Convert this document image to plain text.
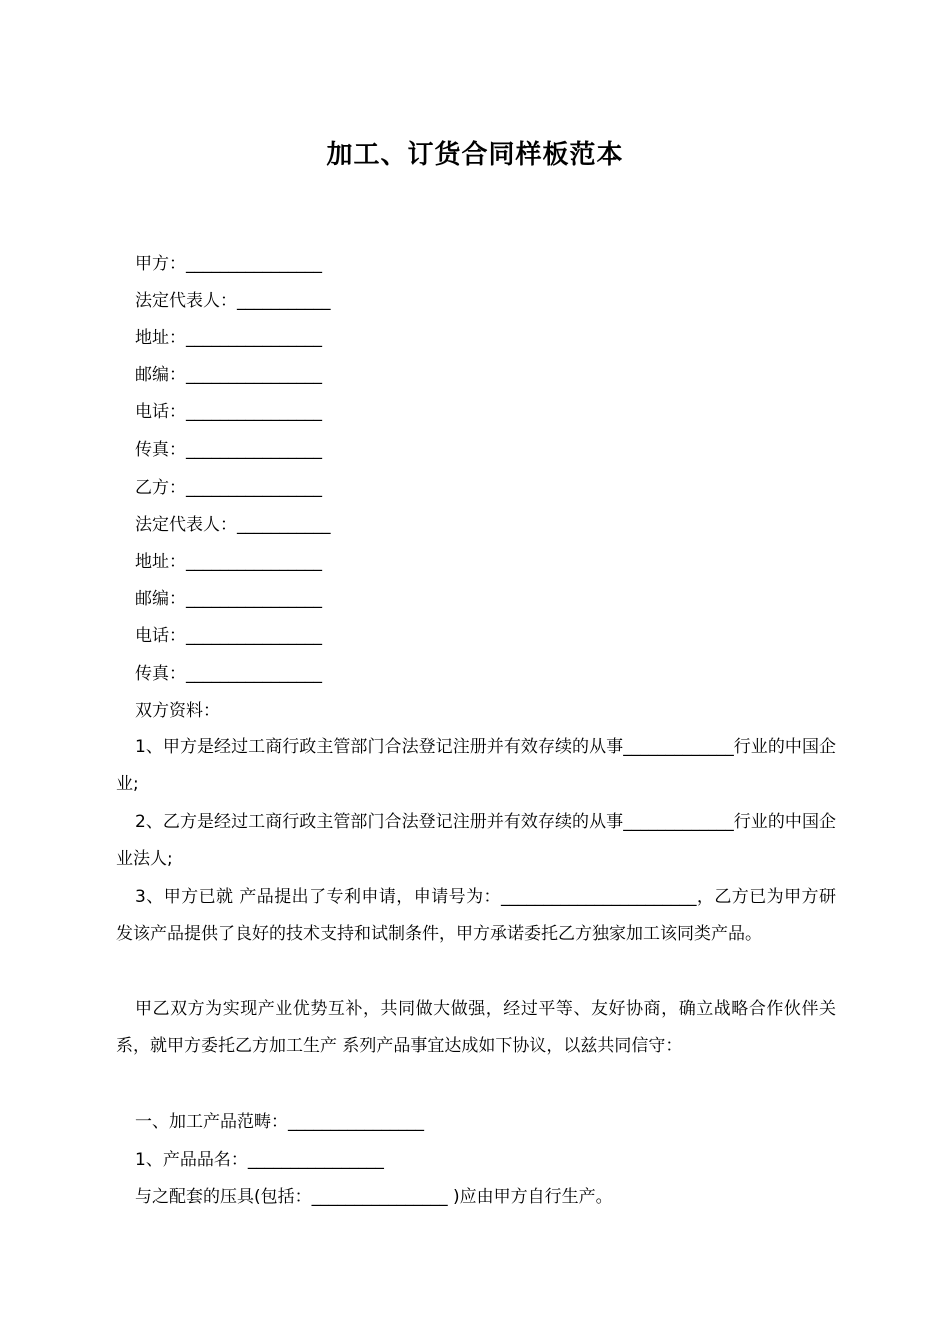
加工、订货合同样板范本
甲方：________________
法定代表人：___________
地址：________________
邮编：________________
电话：________________
传真：________________
乙方：________________
法定代表人：___________
地址：________________
邮编：________________
电话：________________
传真：________________
双方资料：
1、甲方是经过工商行政主管部门合法登记注册并有效存续的从事_____________行业的中国企业;
2、乙方是经过工商行政主管部门合法登记注册并有效存续的从事_____________行业的中国企业法人;
3、甲方已就 产品提出了专利申请，申请号为：_______________________，乙方已为甲方研发该产品提供了良好的技术支持和试制条件，甲方承诺委托乙方独家加工该同类产品。
甲乙双方为实现产业优势互补，共同做大做强，经过平等、友好协商，确立战略合作伙伴关系，就甲方委托乙方加工生产 系列产品事宜达成如下协议，以兹共同信守：
一、加工产品范畴：________________
1、产品品名：________________
与之配套的压具(包括：________________ )应由甲方自行生产。
